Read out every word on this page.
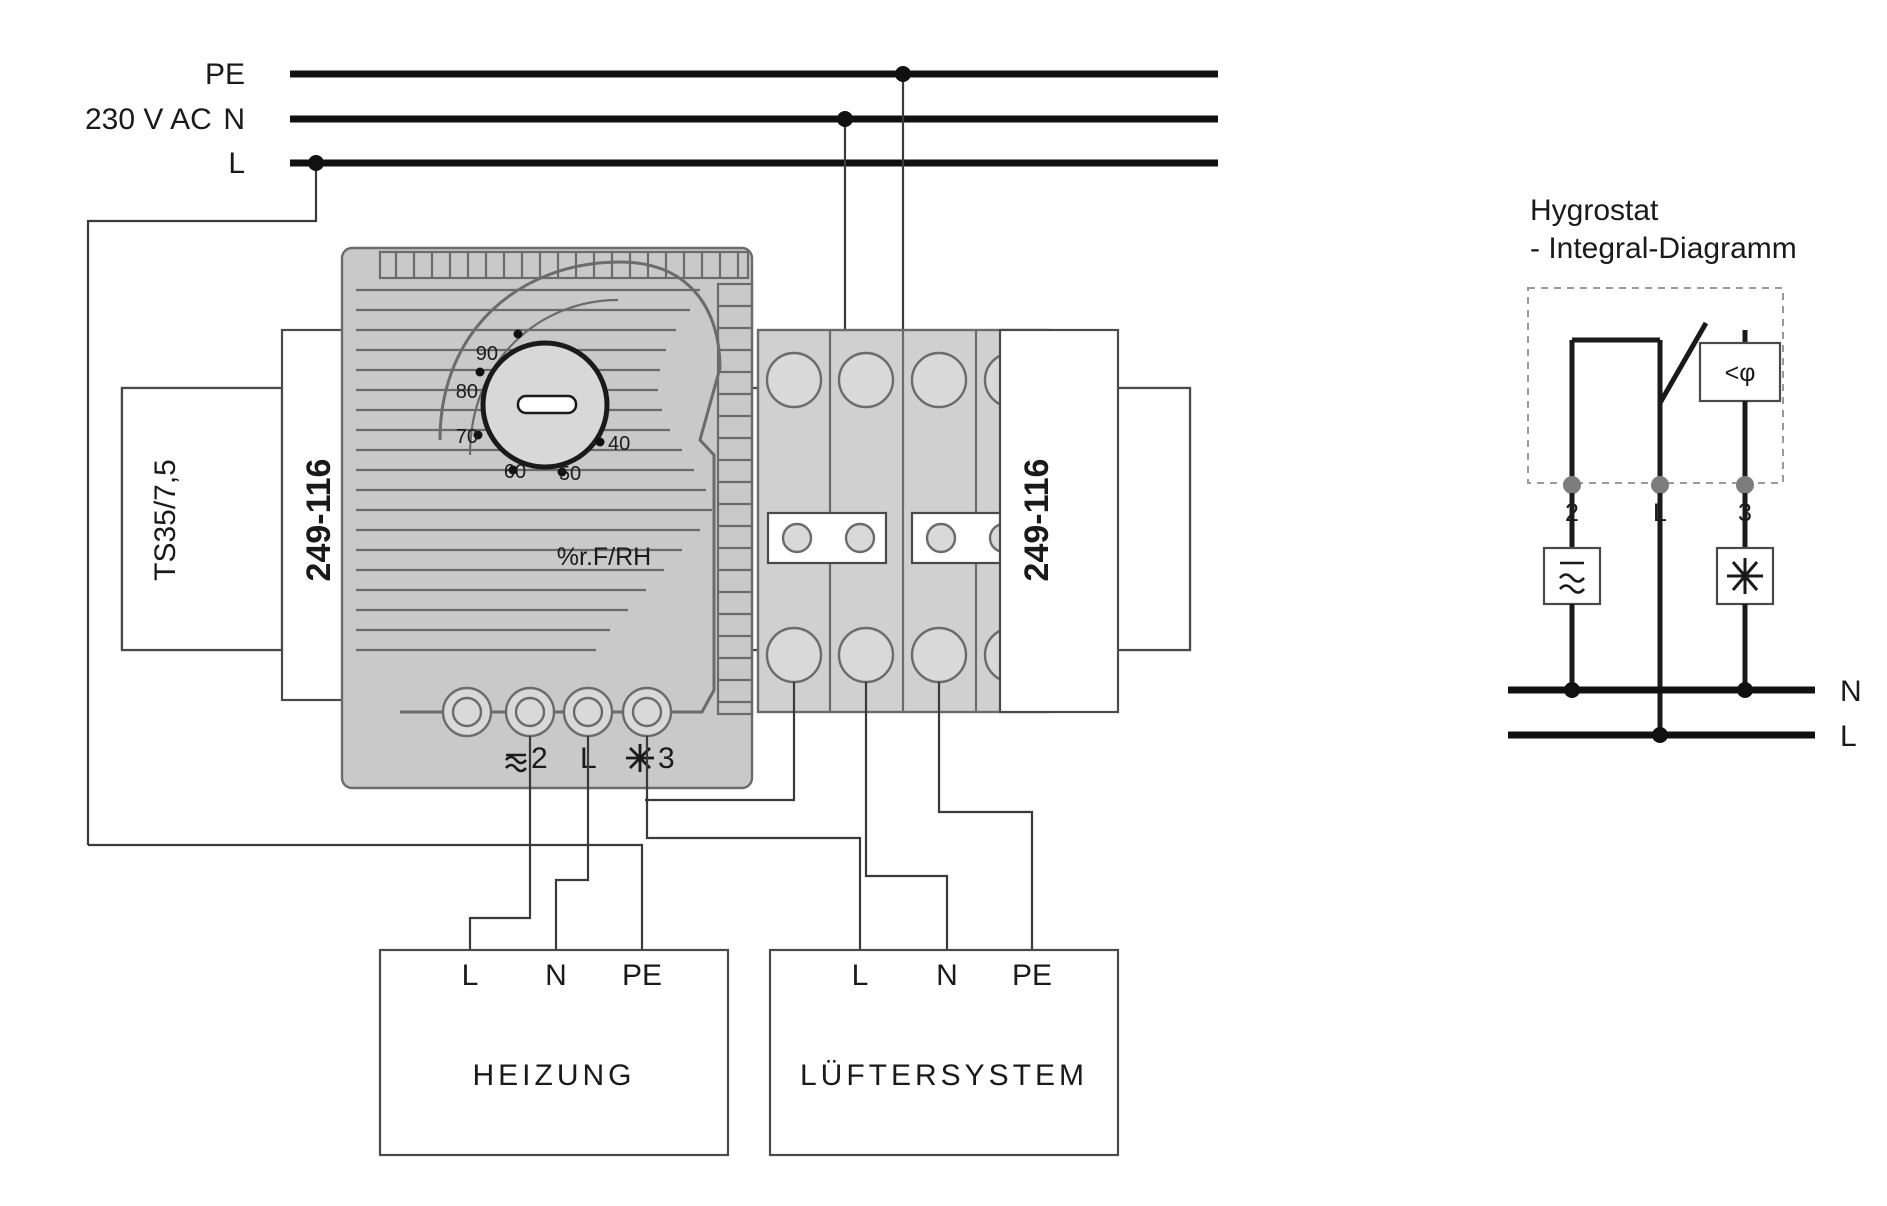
PE
N
L
230 V AC
TS35/7,5	249-116
90
80
70
60 50
40
%r.F/RH
2 L 3
249-116
L N PE
HEIZUNG
L N PE
LÜFTERSYSTEM
Hygrostat
- Integral-Diagramm
<φ
2	L	3
N
L
